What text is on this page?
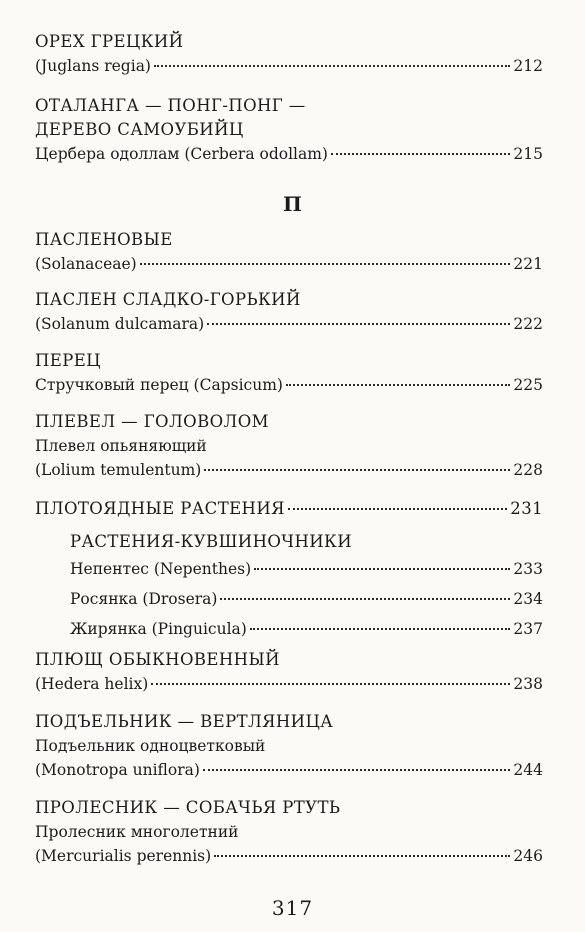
ОРЕХ ГРЕЦКИЙ
(Juglans regia)	212
ОТАЛАНГА — ПОНГ-ПОНГ —
ДЕРЕВО САМОУБИЙЦ
Цербера одоллам (Cerbera odollam)	215
П
ПАСЛЕНОВЫЕ
(Solanaceae)	221
ПАСЛЕН СЛАДКО-ГОРЬКИЙ
(Solanum dulcamara)	222
ПЕРЕЦ
Стручковый перец (Capsicum)	225
ПЛЕВЕЛ — ГОЛОВОЛОМ
Плевел опьяняющий
(Lolium temulentum)	228
ПЛОТОЯДНЫЕ РАСТЕНИЯ	231
РАСТЕНИЯ-КУВШИНОЧНИКИ
Непентес (Nepenthes)	233
Росянка (Drosera)	234
Жирянка (Pinguicula)	237
ПЛЮЩ ОБЫКНОВЕННЫЙ
(Hedera helix)	238
ПОДЪЕЛЬНИК — ВЕРТЛЯНИЦА
Подъельник одноцветковый
(Monotropa uniflora)	244
ПРОЛЕСНИК — СОБАЧЬЯ РТУТЬ
Пролесник многолетний
(Mercurialis perennis)	246
317
